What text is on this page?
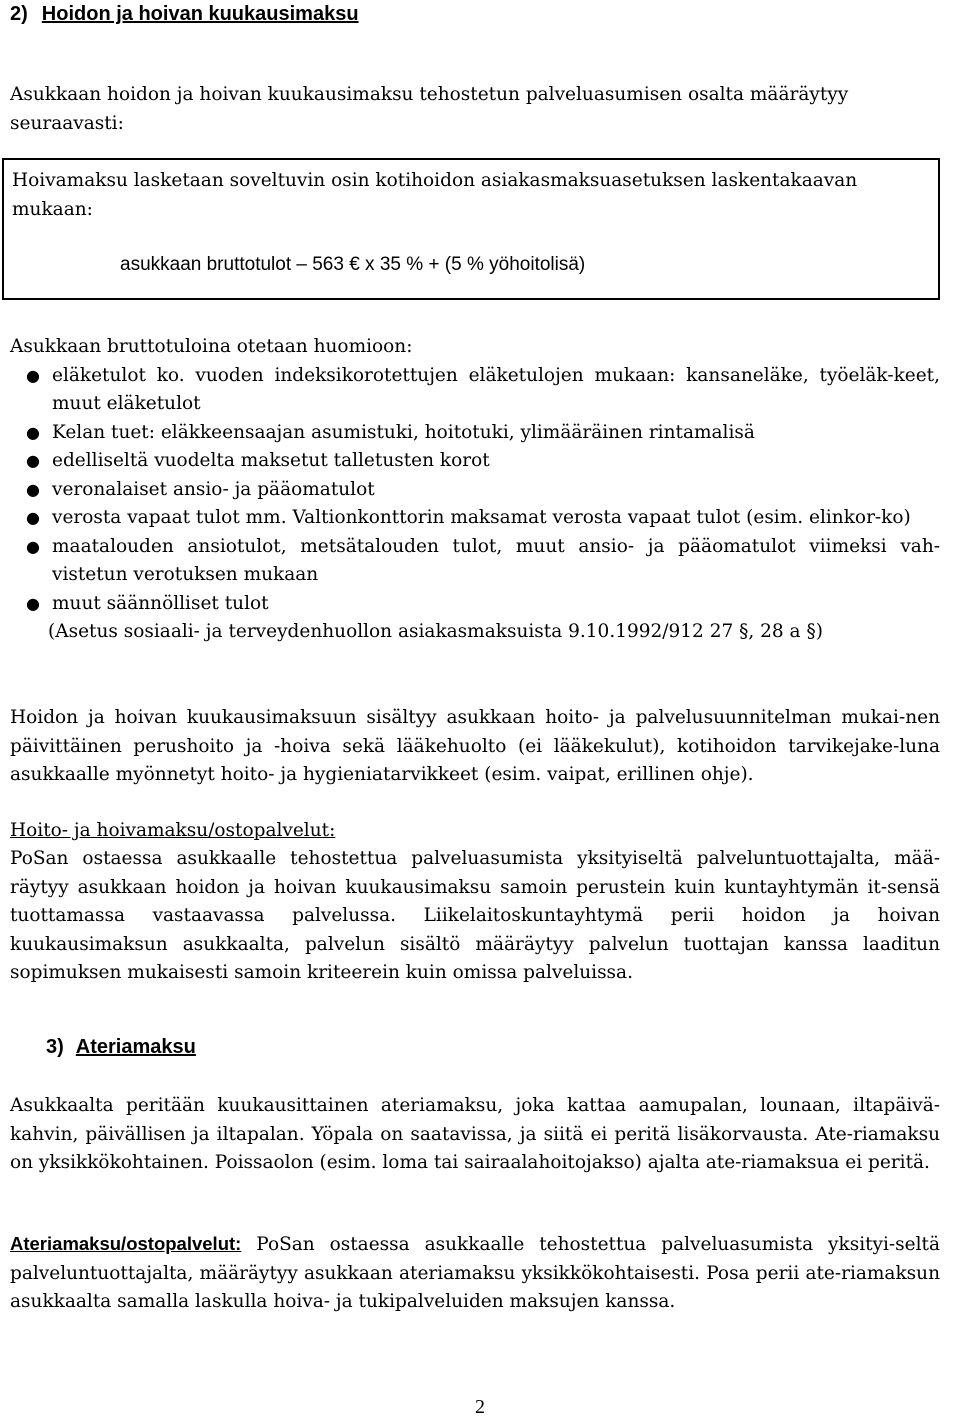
2) Hoidon ja hoivan kuukausimaksu
Asukkaan hoidon ja hoivan kuukausimaksu tehostetun palveluasumisen osalta määräytyy seuraavasti:
Hoivamaksu lasketaan soveltuvin osin kotihoidon asiakasmaksuasetuksen laskentakaavan mukaan:
asukkaan bruttotulot – 563 € x 35 % + (5 % yöhoitolisä)
Asukkaan bruttotuloina otetaan huomioon:
● eläketulot ko. vuoden indeksikorotettujen eläketulojen mukaan: kansaneläke, työeläk-keet, muut eläketulot
● Kelan tuet: eläkkeensaajan asumistuki, hoitotuki, ylimääräinen rintamalisä
● edelliseltä vuodelta maksetut talletusten korot
● veronalaiset ansio- ja pääomatulot
● verosta vapaat tulot mm. Valtionkonttorin maksamat verosta vapaat tulot (esim. elinkor-ko)
● maatalouden ansiotulot, metsätalouden tulot, muut ansio- ja pääomatulot viimeksi vah-vistetun verotuksen mukaan
● muut säännölliset tulot
(Asetus sosiaali- ja terveydenhuollon asiakasmaksuista 9.10.1992/912 27 §, 28 a §)
Hoidon ja hoivan kuukausimaksuun sisältyy asukkaan hoito- ja palvelusuunnitelman mukai-nen päivittäinen perushoito ja -hoiva sekä lääkehuolto (ei lääkekulut), kotihoidon tarvikejake-luna asukkaalle myönnetyt hoito- ja hygieniatarvikkeet (esim. vaipat, erillinen ohje).
Hoito- ja hoivamaksu/ostopalvelut:
PoSan ostaessa asukkaalle tehostettua palveluasumista yksityiseltä palveluntuottajalta, mää-räytyy asukkaan hoidon ja hoivan kuukausimaksu samoin perustein kuin kuntayhtymän it-sensä tuottamassa vastaavassa palvelussa. Liikelaitoskuntayhtymä perii hoidon ja hoivan kuukausimaksun asukkaalta, palvelun sisältö määräytyy palvelun tuottajan kanssa laaditun sopimuksen mukaisesti samoin kriteerein kuin omissa palveluissa.
3) Ateriamaksu
Asukkaalta peritään kuukausittainen ateriamaksu, joka kattaa aamupalan, lounaan, iltapäivä-kahvin, päivällisen ja iltapalan. Yöpala on saatavissa, ja siitä ei peritä lisäkorvausta. Ate-riamaksu on yksikkökohtainen. Poissaolon (esim. loma tai sairaalahoitojakso) ajalta ate-riamaksua ei peritä.
Ateriamaksu/ostopalvelut: PoSan ostaessa asukkaalle tehostettua palveluasumista yksityi-seltä palveluntuottajalta, määräytyy asukkaan ateriamaksu yksikkökohtaisesti. Posa perii ate-riamaksun asukkaalta samalla laskulla hoiva- ja tukipalveluiden maksujen kanssa.
2
